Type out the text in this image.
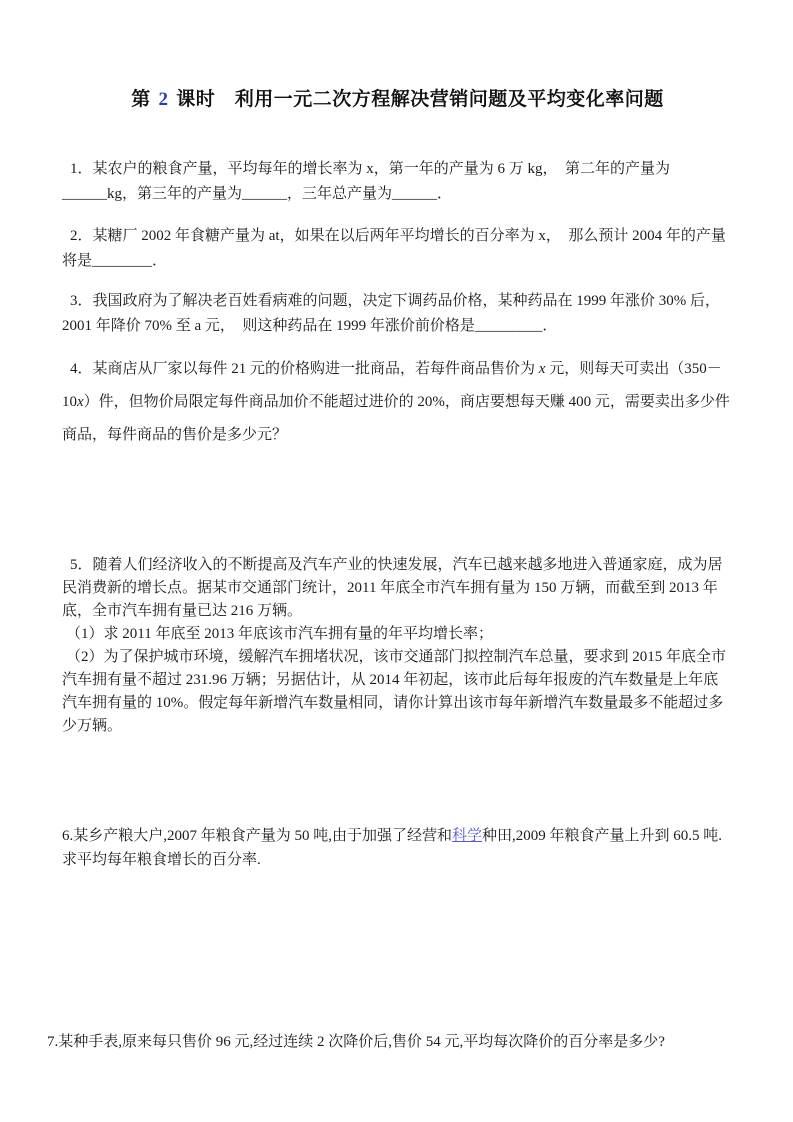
第 2 课时　利用一元二次方程解决营销问题及平均变化率问题

1．某农户的粮食产量，平均每年的增长率为 x，第一年的产量为 6 万 kg，  第二年的产量为______kg，第三年的产量为______，三年总产量为______．

2．某糖厂 2002 年食糖产量为 at，如果在以后两年平均增长的百分率为 x，  那么预计 2004 年的产量将是________．

3．我国政府为了解决老百姓看病难的问题，决定下调药品价格，某种药品在 1999 年涨价 30% 后，2001 年降价 70% 至 a 元，  则这种药品在 1999 年涨价前价格是_________．

4．某商店从厂家以每件 21 元的价格购进一批商品，若每件商品售价为 x 元，则每天可卖出（350－10x）件，但物价局限定每件商品加价不能超过进价的 20%，商店要想每天赚 400 元，需要卖出多少件商品，每件商品的售价是多少元？

5．随着人们经济收入的不断提高及汽车产业的快速发展，汽车已越来越多地进入普通家庭，成为居民消费新的增长点。据某市交通部门统计，2011 年底全市汽车拥有量为 150 万辆，而截至到 2013 年底，全市汽车拥有量已达 216 万辆。

（1）求 2011 年底至 2013 年底该市汽车拥有量的年平均增长率；

（2）为了保护城市环境，缓解汽车拥堵状况，该市交通部门拟控制汽车总量，要求到 2015 年底全市汽车拥有量不超过 231.96 万辆；另据估计，从 2014 年初起，该市此后每年报废的汽车数量是上年底汽车拥有量的 10%。假定每年新增汽车数量相同，请你计算出该市每年新增汽车数量最多不能超过多少万辆。

6.某乡产粮大户,2007 年粮食产量为 50 吨,由于加强了经营和科学种田,2009 年粮食产量上升到 60.5 吨. 求平均每年粮食增长的百分率.

7.某种手表,原来每只售价 96 元,经过连续 2 次降价后,售价 54 元,平均每次降价的百分率是多少?
